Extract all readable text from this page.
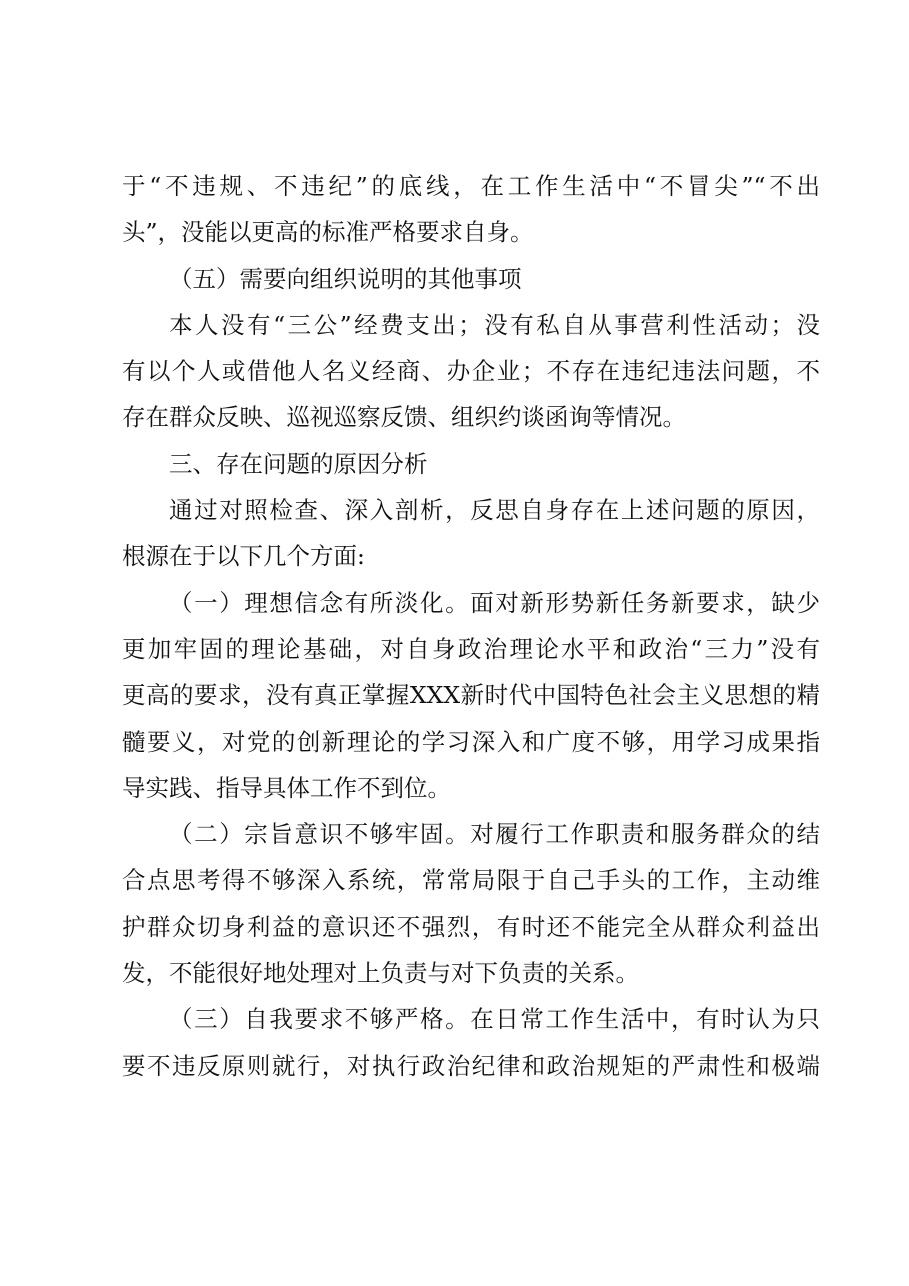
于“不违规、不违纪”的底线，在工作生活中“不冒尖”“不出
头”，没能以更高的标准严格要求自身。
（五）需要向组织说明的其他事项
本人没有“三公”经费支出；没有私自从事营利性活动；没
有以个人或借他人名义经商、办企业；不存在违纪违法问题，不
存在群众反映、巡视巡察反馈、组织约谈函询等情况。
三、存在问题的原因分析
通过对照检查、深入剖析，反思自身存在上述问题的原因，
根源在于以下几个方面:
（一）理想信念有所淡化。面对新形势新任务新要求，缺少
更加牢固的理论基础，对自身政治理论水平和政治“三力”没有
更高的要求，没有真正掌握XXX新时代中国特色社会主义思想的精
髓要义，对党的创新理论的学习深入和广度不够，用学习成果指
导实践、指导具体工作不到位。
（二）宗旨意识不够牢固。对履行工作职责和服务群众的结
合点思考得不够深入系统，常常局限于自己手头的工作，主动维
护群众切身利益的意识还不强烈，有时还不能完全从群众利益出
发，不能很好地处理对上负责与对下负责的关系。
（三）自我要求不够严格。在日常工作生活中，有时认为只
要不违反原则就行，对执行政治纪律和政治规矩的严肃性和极端
